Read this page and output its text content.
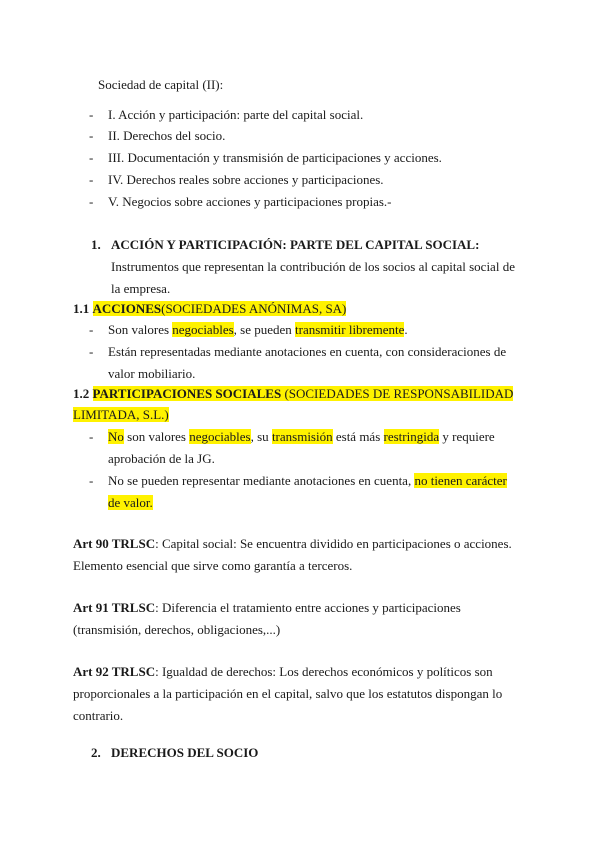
Sociedad de capital (II):
- I. Acción y participación: parte del capital social.
- II. Derechos del socio.
- III. Documentación y transmisión de participaciones y acciones.
- IV. Derechos reales sobre acciones y participaciones.
- V. Negocios sobre acciones y participaciones propias.-
1. ACCIÓN Y PARTICIPACIÓN: PARTE DEL CAPITAL SOCIAL:
Instrumentos que representan la contribución de los socios al capital social de
la empresa.
1.1 ACCIONES(SOCIEDADES ANÓNIMAS, SA)
- Son valores negociables, se pueden transmitir libremente.
- Están representadas mediante anotaciones en cuenta, con consideraciones de
valor mobiliario.
1.2 PARTICIPACIONES SOCIALES (SOCIEDADES DE RESPONSABILIDAD
LIMITADA, S.L.)
- No son valores negociables, su transmisión está más restringida y requiere
aprobación de la JG.
- No se pueden representar mediante anotaciones en cuenta, no tienen carácter
de valor.
Art 90 TRLSC: Capital social: Se encuentra dividido en participaciones o acciones.
Elemento esencial que sirve como garantía a terceros.
Art 91 TRLSC: Diferencia el tratamiento entre acciones y participaciones
(transmisión, derechos, obligaciones,...)
Art 92 TRLSC: Igualdad de derechos: Los derechos económicos y políticos son
proporcionales a la participación en el capital, salvo que los estatutos dispongan lo
contrario.
2. DERECHOS DEL SOCIO
